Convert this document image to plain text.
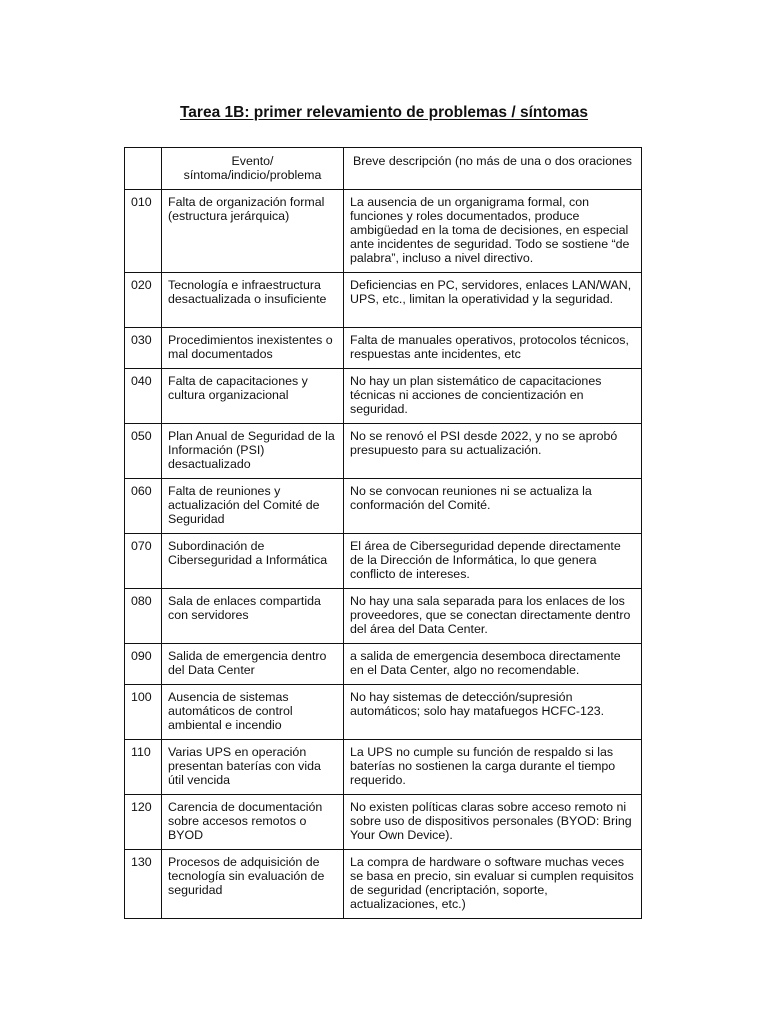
Tarea 1B: primer relevamiento de problemas / síntomas
	Evento/ síntoma/indicio/problema	Breve descripción (no más de una o dos oraciones
010	Falta de organización formal (estructura jerárquica)	La ausencia de un organigrama formal, con funciones y roles documentados, produce ambigüedad en la toma de decisiones, en especial ante incidentes de seguridad. Todo se sostiene “de palabra”, incluso a nivel directivo.
020	Tecnología e infraestructura desactualizada o insuficiente	Deficiencias en PC, servidores, enlaces LAN/WAN, UPS, etc., limitan la operatividad y la seguridad.
030	Procedimientos inexistentes o mal documentados	Falta de manuales operativos, protocolos técnicos, respuestas ante incidentes, etc
040	Falta de capacitaciones y cultura organizacional	No hay un plan sistemático de capacitaciones técnicas ni acciones de concientización en seguridad.
050	Plan Anual de Seguridad de la Información (PSI) desactualizado	No se renovó el PSI desde 2022, y no se aprobó presupuesto para su actualización.
060	Falta de reuniones y actualización del Comité de Seguridad	No se convocan reuniones ni se actualiza la conformación del Comité.
070	Subordinación de Ciberseguridad a Informática	El área de Ciberseguridad depende directamente de la Dirección de Informática, lo que genera conflicto de intereses.
080	Sala de enlaces compartida con servidores	No hay una sala separada para los enlaces de los proveedores, que se conectan directamente dentro del área del Data Center.
090	Salida de emergencia dentro del Data Center	a salida de emergencia desemboca directamente en el Data Center, algo no recomendable.
100	Ausencia de sistemas automáticos de control ambiental e incendio	No hay sistemas de detección/supresión automáticos; solo hay matafuegos HCFC-123.
110	Varias UPS en operación presentan baterías con vida útil vencida	La UPS no cumple su función de respaldo si las baterías no sostienen la carga durante el tiempo requerido.
120	Carencia de documentación sobre accesos remotos o BYOD	No existen políticas claras sobre acceso remoto ni sobre uso de dispositivos personales (BYOD: Bring Your Own Device).
130	Procesos de adquisición de tecnología sin evaluación de seguridad	La compra de hardware o software muchas veces se basa en precio, sin evaluar si cumplen requisitos de seguridad (encriptación, soporte, actualizaciones, etc.)
